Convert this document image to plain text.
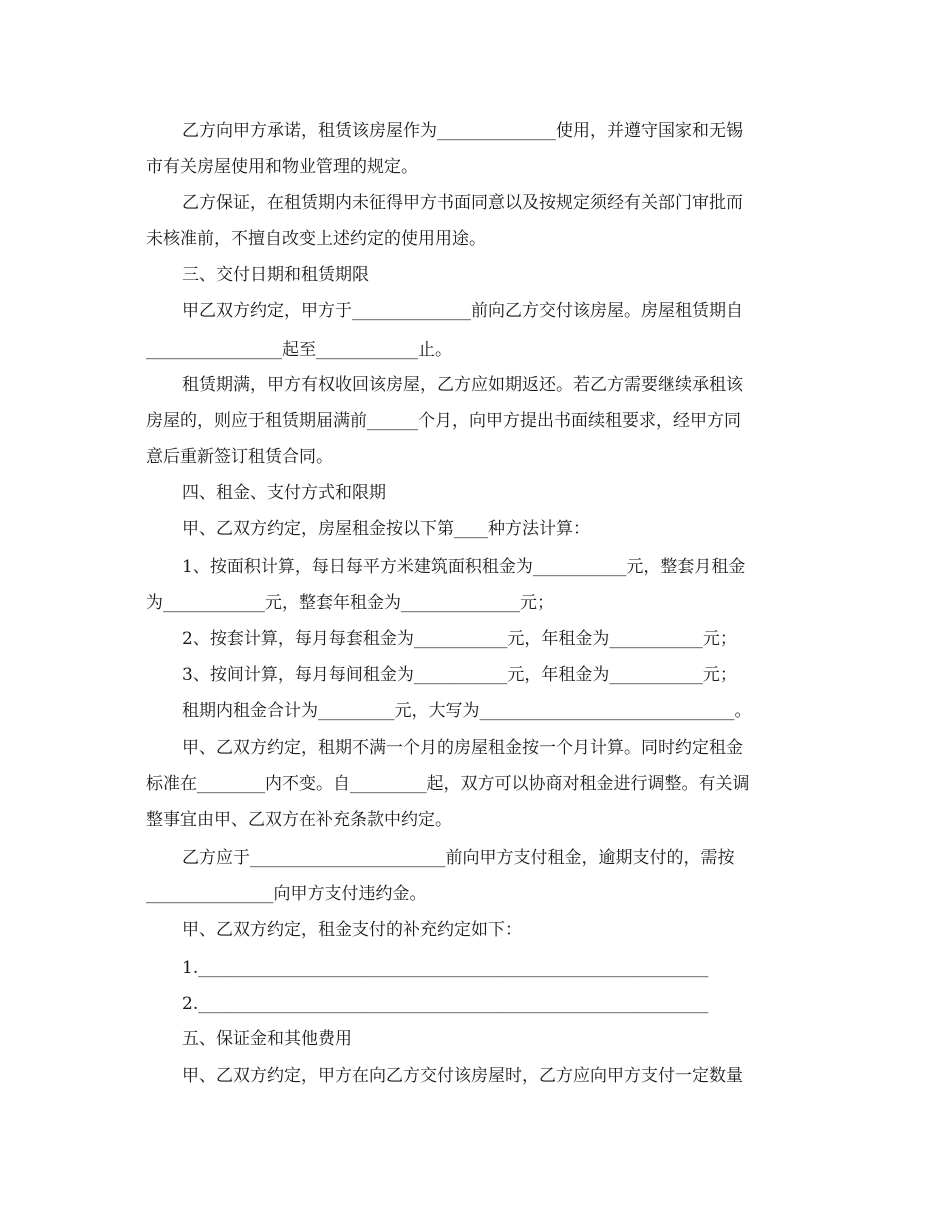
乙方向甲方承诺，租赁该房屋作为______________使用，并遵守国家和无锡
市有关房屋使用和物业管理的规定。
乙方保证，在租赁期内未征得甲方书面同意以及按规定须经有关部门审批而
未核准前，不擅自改变上述约定的使用用途。
三、交付日期和租赁期限
甲乙双方约定，甲方于______________前向乙方交付该房屋。房屋租赁期自
________________起至____________止。
租赁期满，甲方有权收回该房屋，乙方应如期返还。若乙方需要继续承租该
房屋的，则应于租赁期届满前______个月，向甲方提出书面续租要求，经甲方同
意后重新签订租赁合同。
四、租金、支付方式和限期
甲、乙双方约定，房屋租金按以下第____种方法计算：
1、按面积计算，每日每平方米建筑面积租金为___________元，整套月租金
为____________元，整套年租金为______________元；
2、按套计算，每月每套租金为___________元，年租金为___________元；
3、按间计算，每月每间租金为___________元，年租金为___________元；
租期内租金合计为_________元，大写为______________________________。
甲、乙双方约定，租期不满一个月的房屋租金按一个月计算。同时约定租金
标准在________内不变。自_________起，双方可以协商对租金进行调整。有关调
整事宜由甲、乙双方在补充条款中约定。
乙方应于_______________________前向甲方支付租金，逾期支付的，需按
_______________向甲方支付违约金。
甲、乙双方约定，租金支付的补充约定如下：
1.____________________________________________________________
2.____________________________________________________________
五、保证金和其他费用
甲、乙双方约定，甲方在向乙方交付该房屋时，乙方应向甲方支付一定数量
